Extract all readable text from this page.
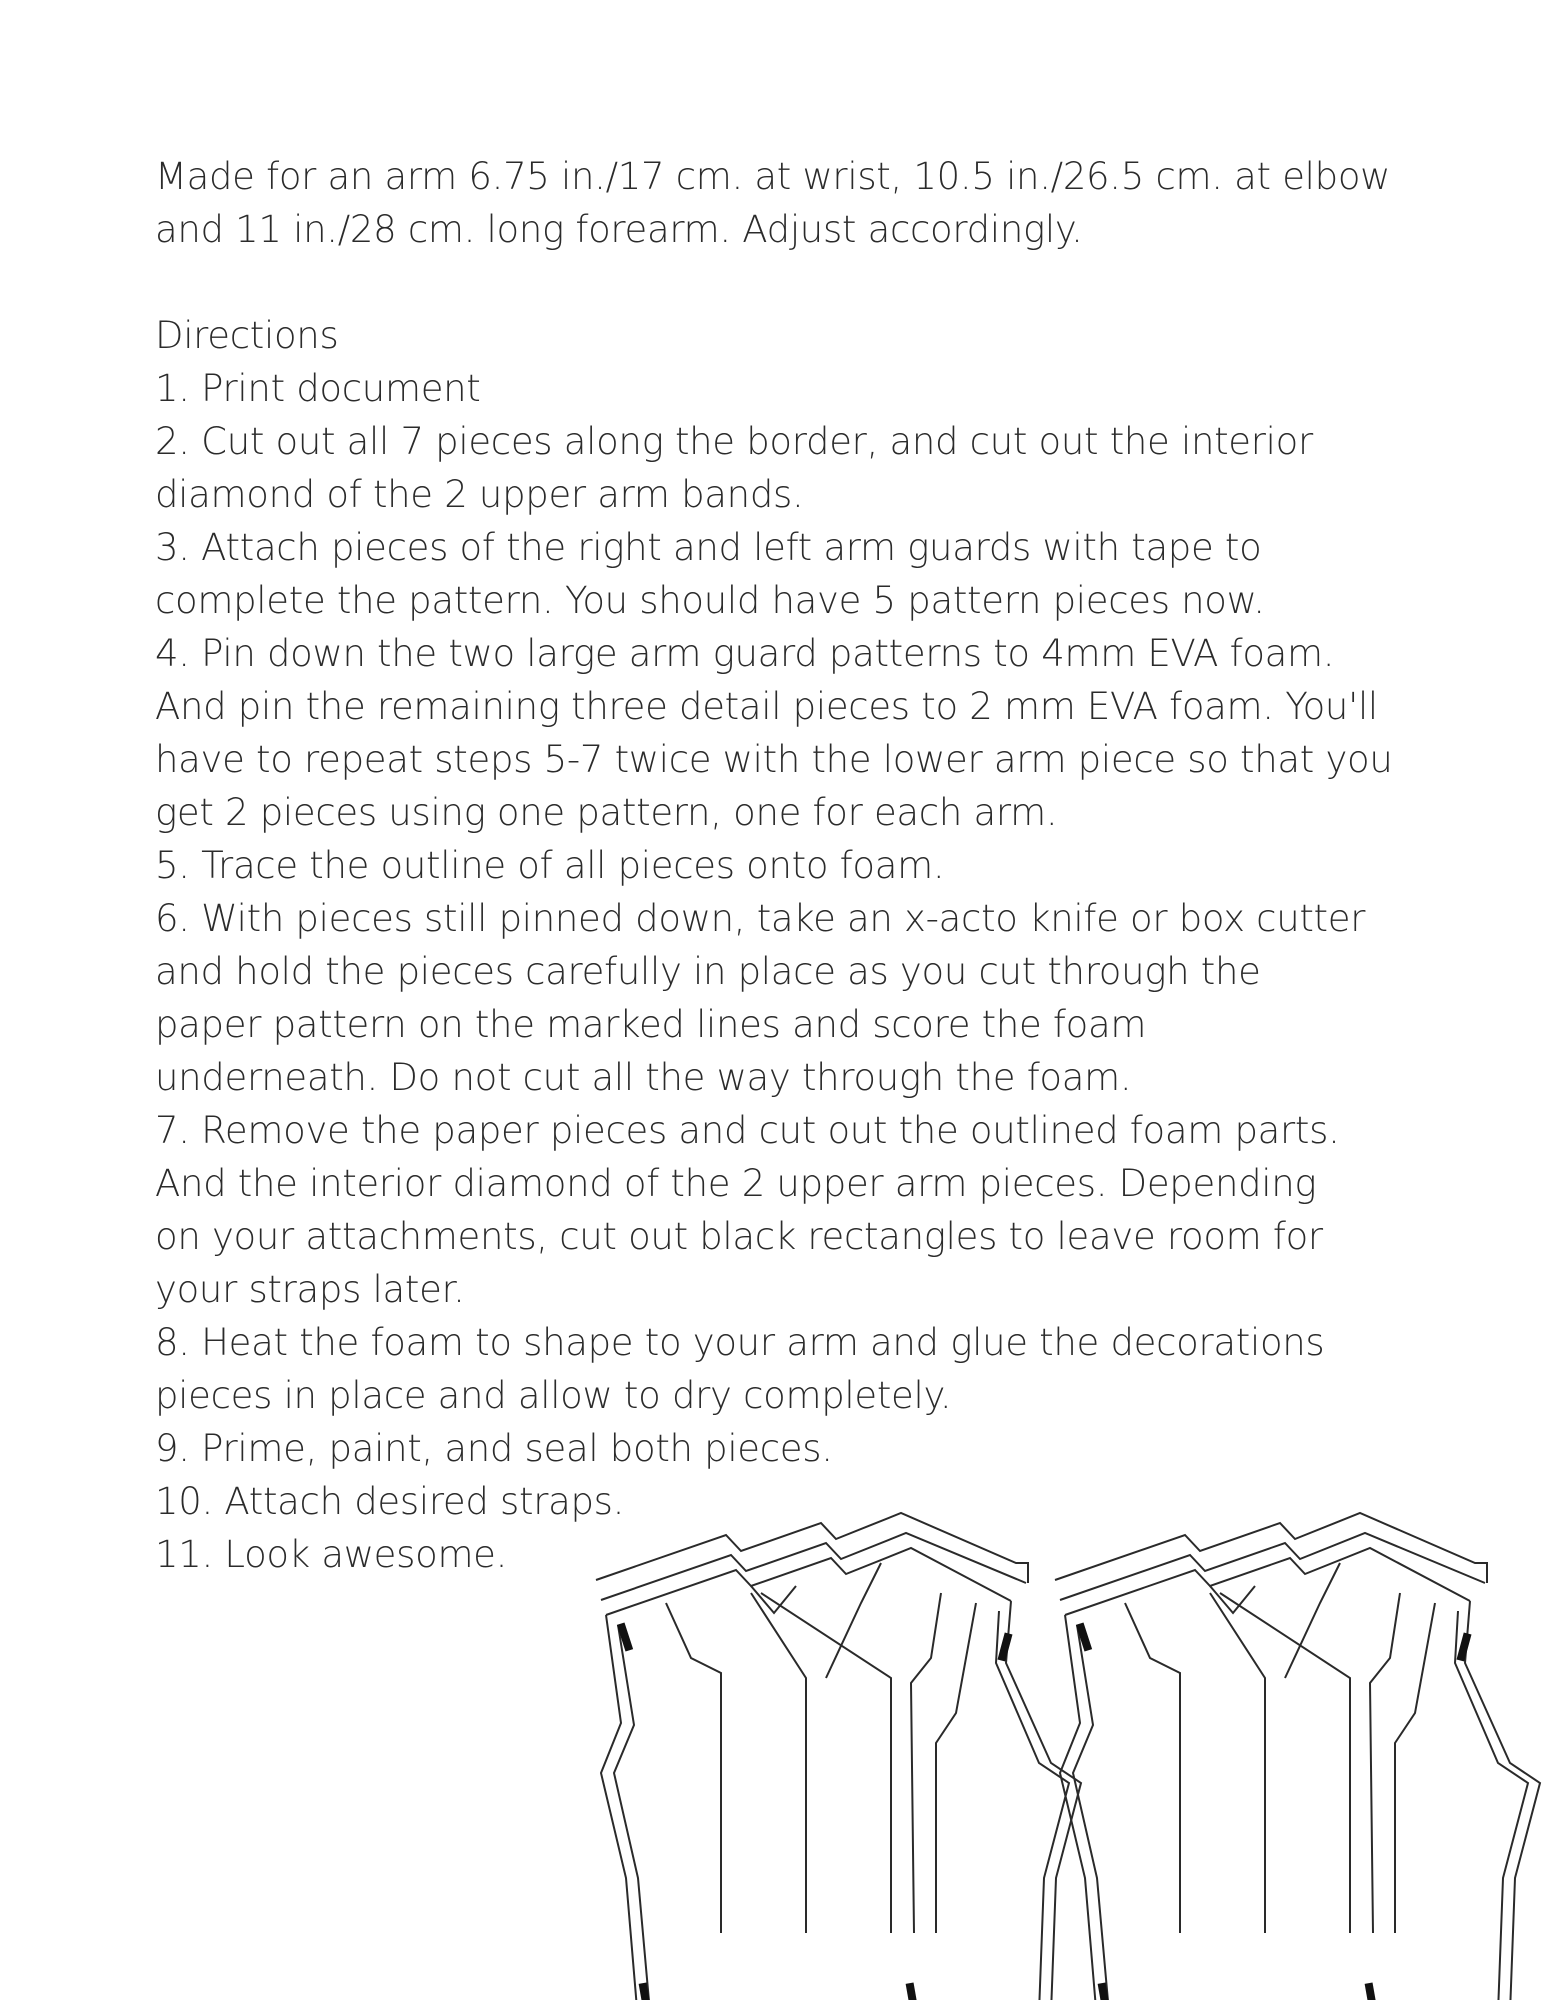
Made for an arm 6.75 in./17 cm. at wrist, 10.5 in./26.5 cm. at elbow and 11 in./28 cm. long forearm. Adjust accordingly.

Directions

1. Print document

2. Cut out all 7 pieces along the border, and cut out the interior diamond of the 2 upper arm bands.

3. Attach pieces of the right and left arm guards with tape to complete the pattern. You should have 5 pattern pieces now.

4. Pin down the two large arm guard patterns to 4mm EVA foam. And pin the remaining three detail pieces to 2 mm EVA foam. You'll have to repeat steps 5-7 twice with the lower arm piece so that you get 2 pieces using one pattern, one for each arm.

5. Trace the outline of all pieces onto foam.

6. With pieces still pinned down, take an x-acto knife or box cutter and hold the pieces carefully in place as you cut through the paper pattern on the marked lines and score the foam underneath. Do not cut all the way through the foam.

7. Remove the paper pieces and cut out the outlined foam parts. And the interior diamond of the 2 upper arm pieces. Depending on your attachments, cut out black rectangles to leave room for your straps later.

8. Heat the foam to shape to your arm and glue the decorations pieces in place and allow to dry completely.

9. Prime, paint, and seal both pieces.

10. Attach desired straps.

11. Look awesome.
